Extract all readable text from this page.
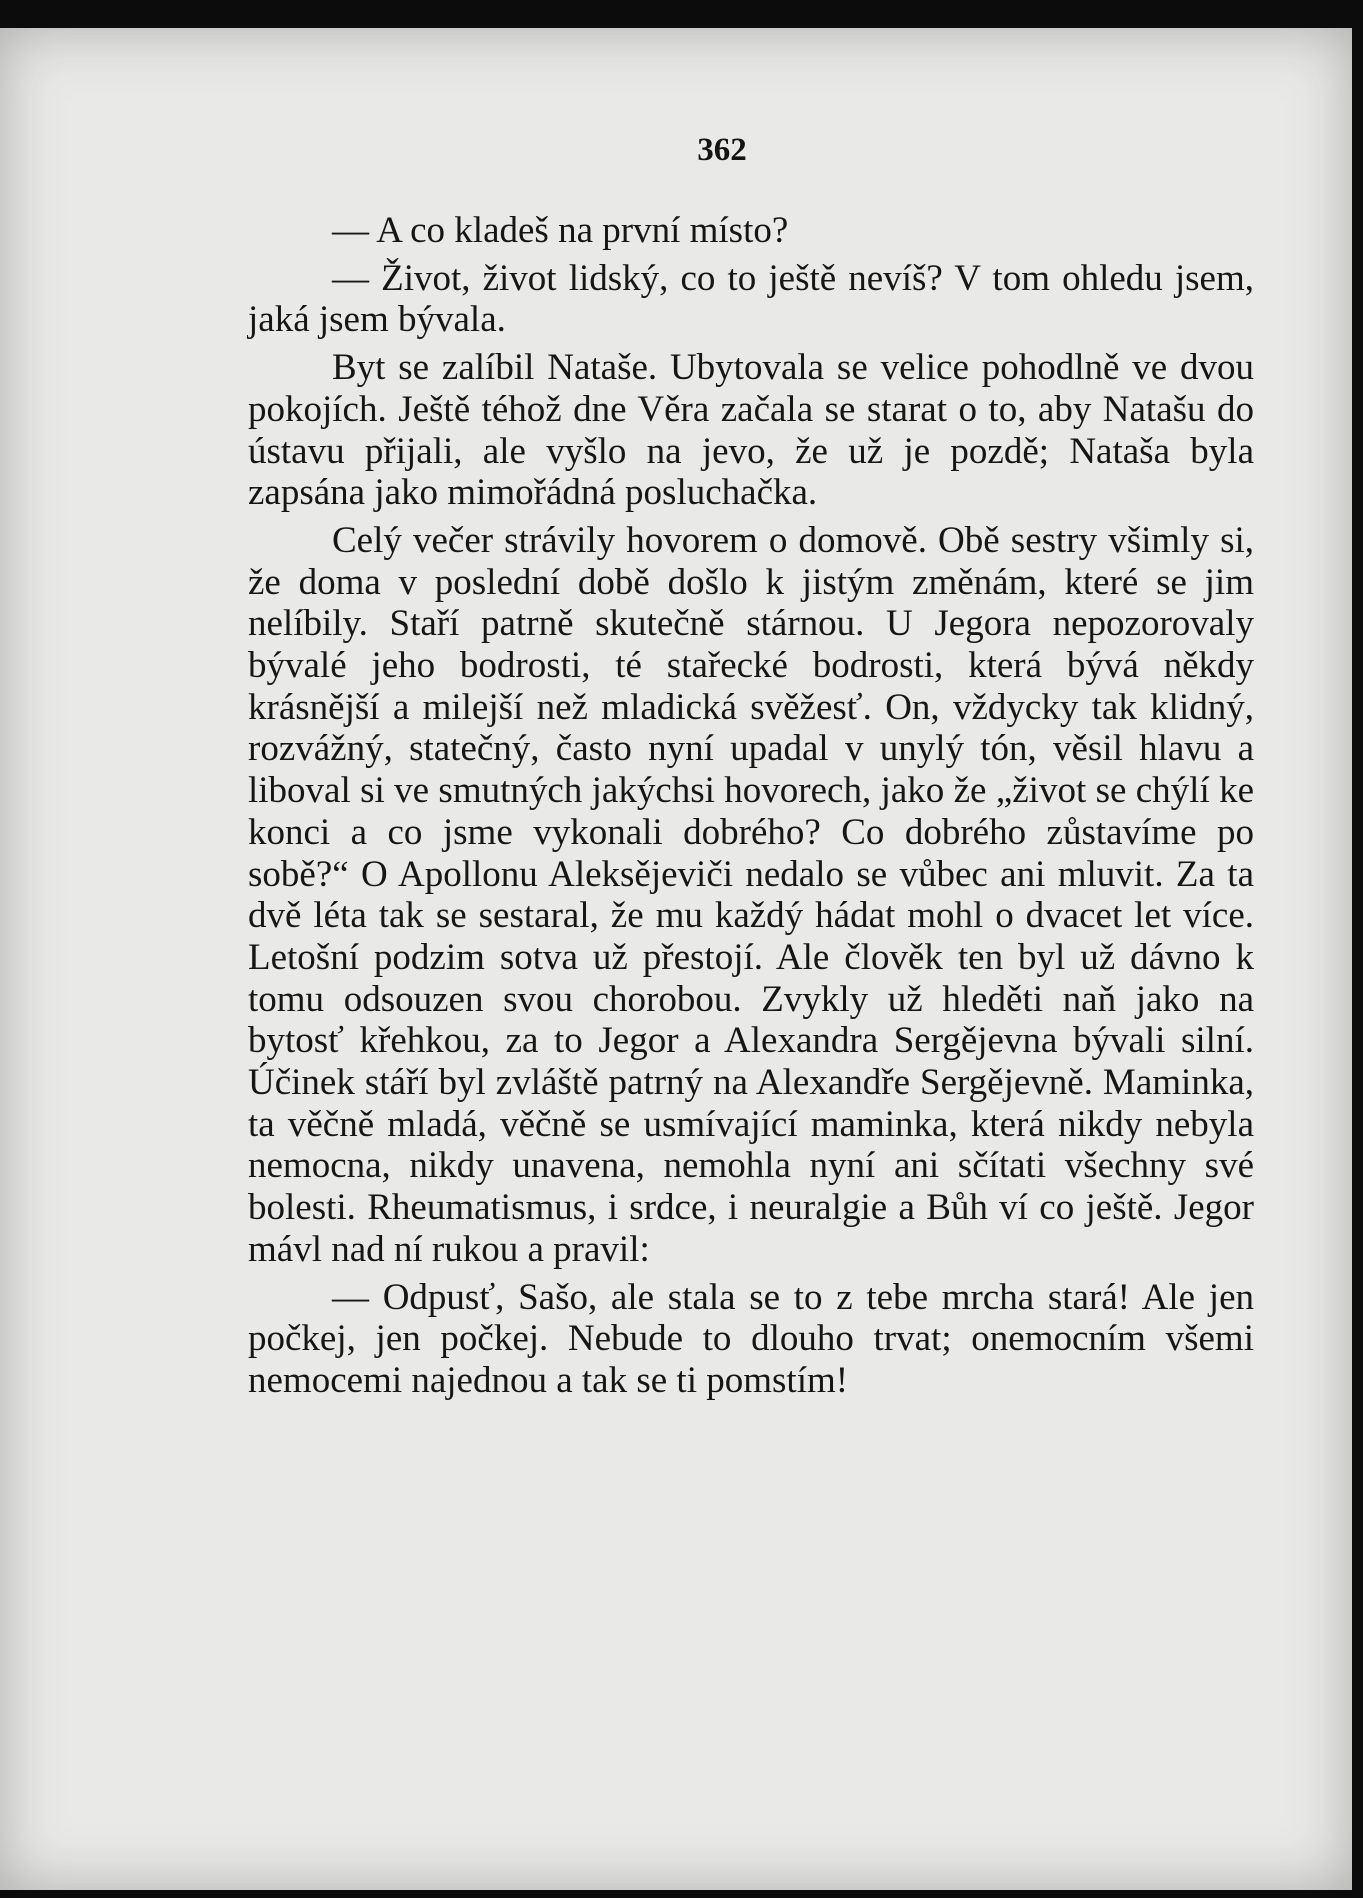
362

— A co kladeš na první místo?

— Život, život lidský, co to ještě nevíš? V tom ohledu jsem, jaká jsem bývala.

Byt se zalíbil Nataše. Ubytovala se velice pohodlně ve dvou pokojích. Ještě téhož dne Věra začala se starat o to, aby Natašu do ústavu přijali, ale vyšlo na jevo, že už je pozdě; Nataša byla zapsána jako mimořádná posluchačka.

Celý večer strávily hovorem o domově. Obě sestry všimly si, že doma v poslední době došlo k jistým změnám, které se jim nelíbily. Staří patrně skutečně stárnou. U Jegora nepozorovaly bývalé jeho bodrosti, té stařecké bodrosti, která bývá někdy krásnější a milejší než mladická svěžesť. On, vždycky tak klidný, rozvážný, statečný, často nyní upadal v unylý tón, věsil hlavu a liboval si ve smutných jakýchsi hovorech, jako že „život se chýlí ke konci a co jsme vykonali dobrého? Co dobrého zůstavíme po sobě?“ O Apollonu Aleksějeviči nedalo se vůbec ani mluvit. Za ta dvě léta tak se sestaral, že mu každý hádat mohl o dvacet let více. Letošní podzim sotva už přestojí. Ale člověk ten byl už dávno k tomu odsouzen svou chorobou. Zvykly už hleděti naň jako na bytosť křehkou, za to Jegor a Alexandra Sergějevna bývali silní. Účinek stáří byl zvláště patrný na Alexandře Sergějevně. Maminka, ta věčně mladá, věčně se usmívající maminka, která nikdy nebyla nemocna, nikdy unavena, nemohla nyní ani sčítati všechny své bolesti. Rheumatismus, i srdce, i neuralgie a Bůh ví co ještě. Jegor mávl nad ní rukou a pravil:

— Odpusť, Sašo, ale stala se to z tebe mrcha stará! Ale jen počkej, jen počkej. Nebude to dlouho trvat; onemocním všemi nemocemi najednou a tak se ti pomstím!
